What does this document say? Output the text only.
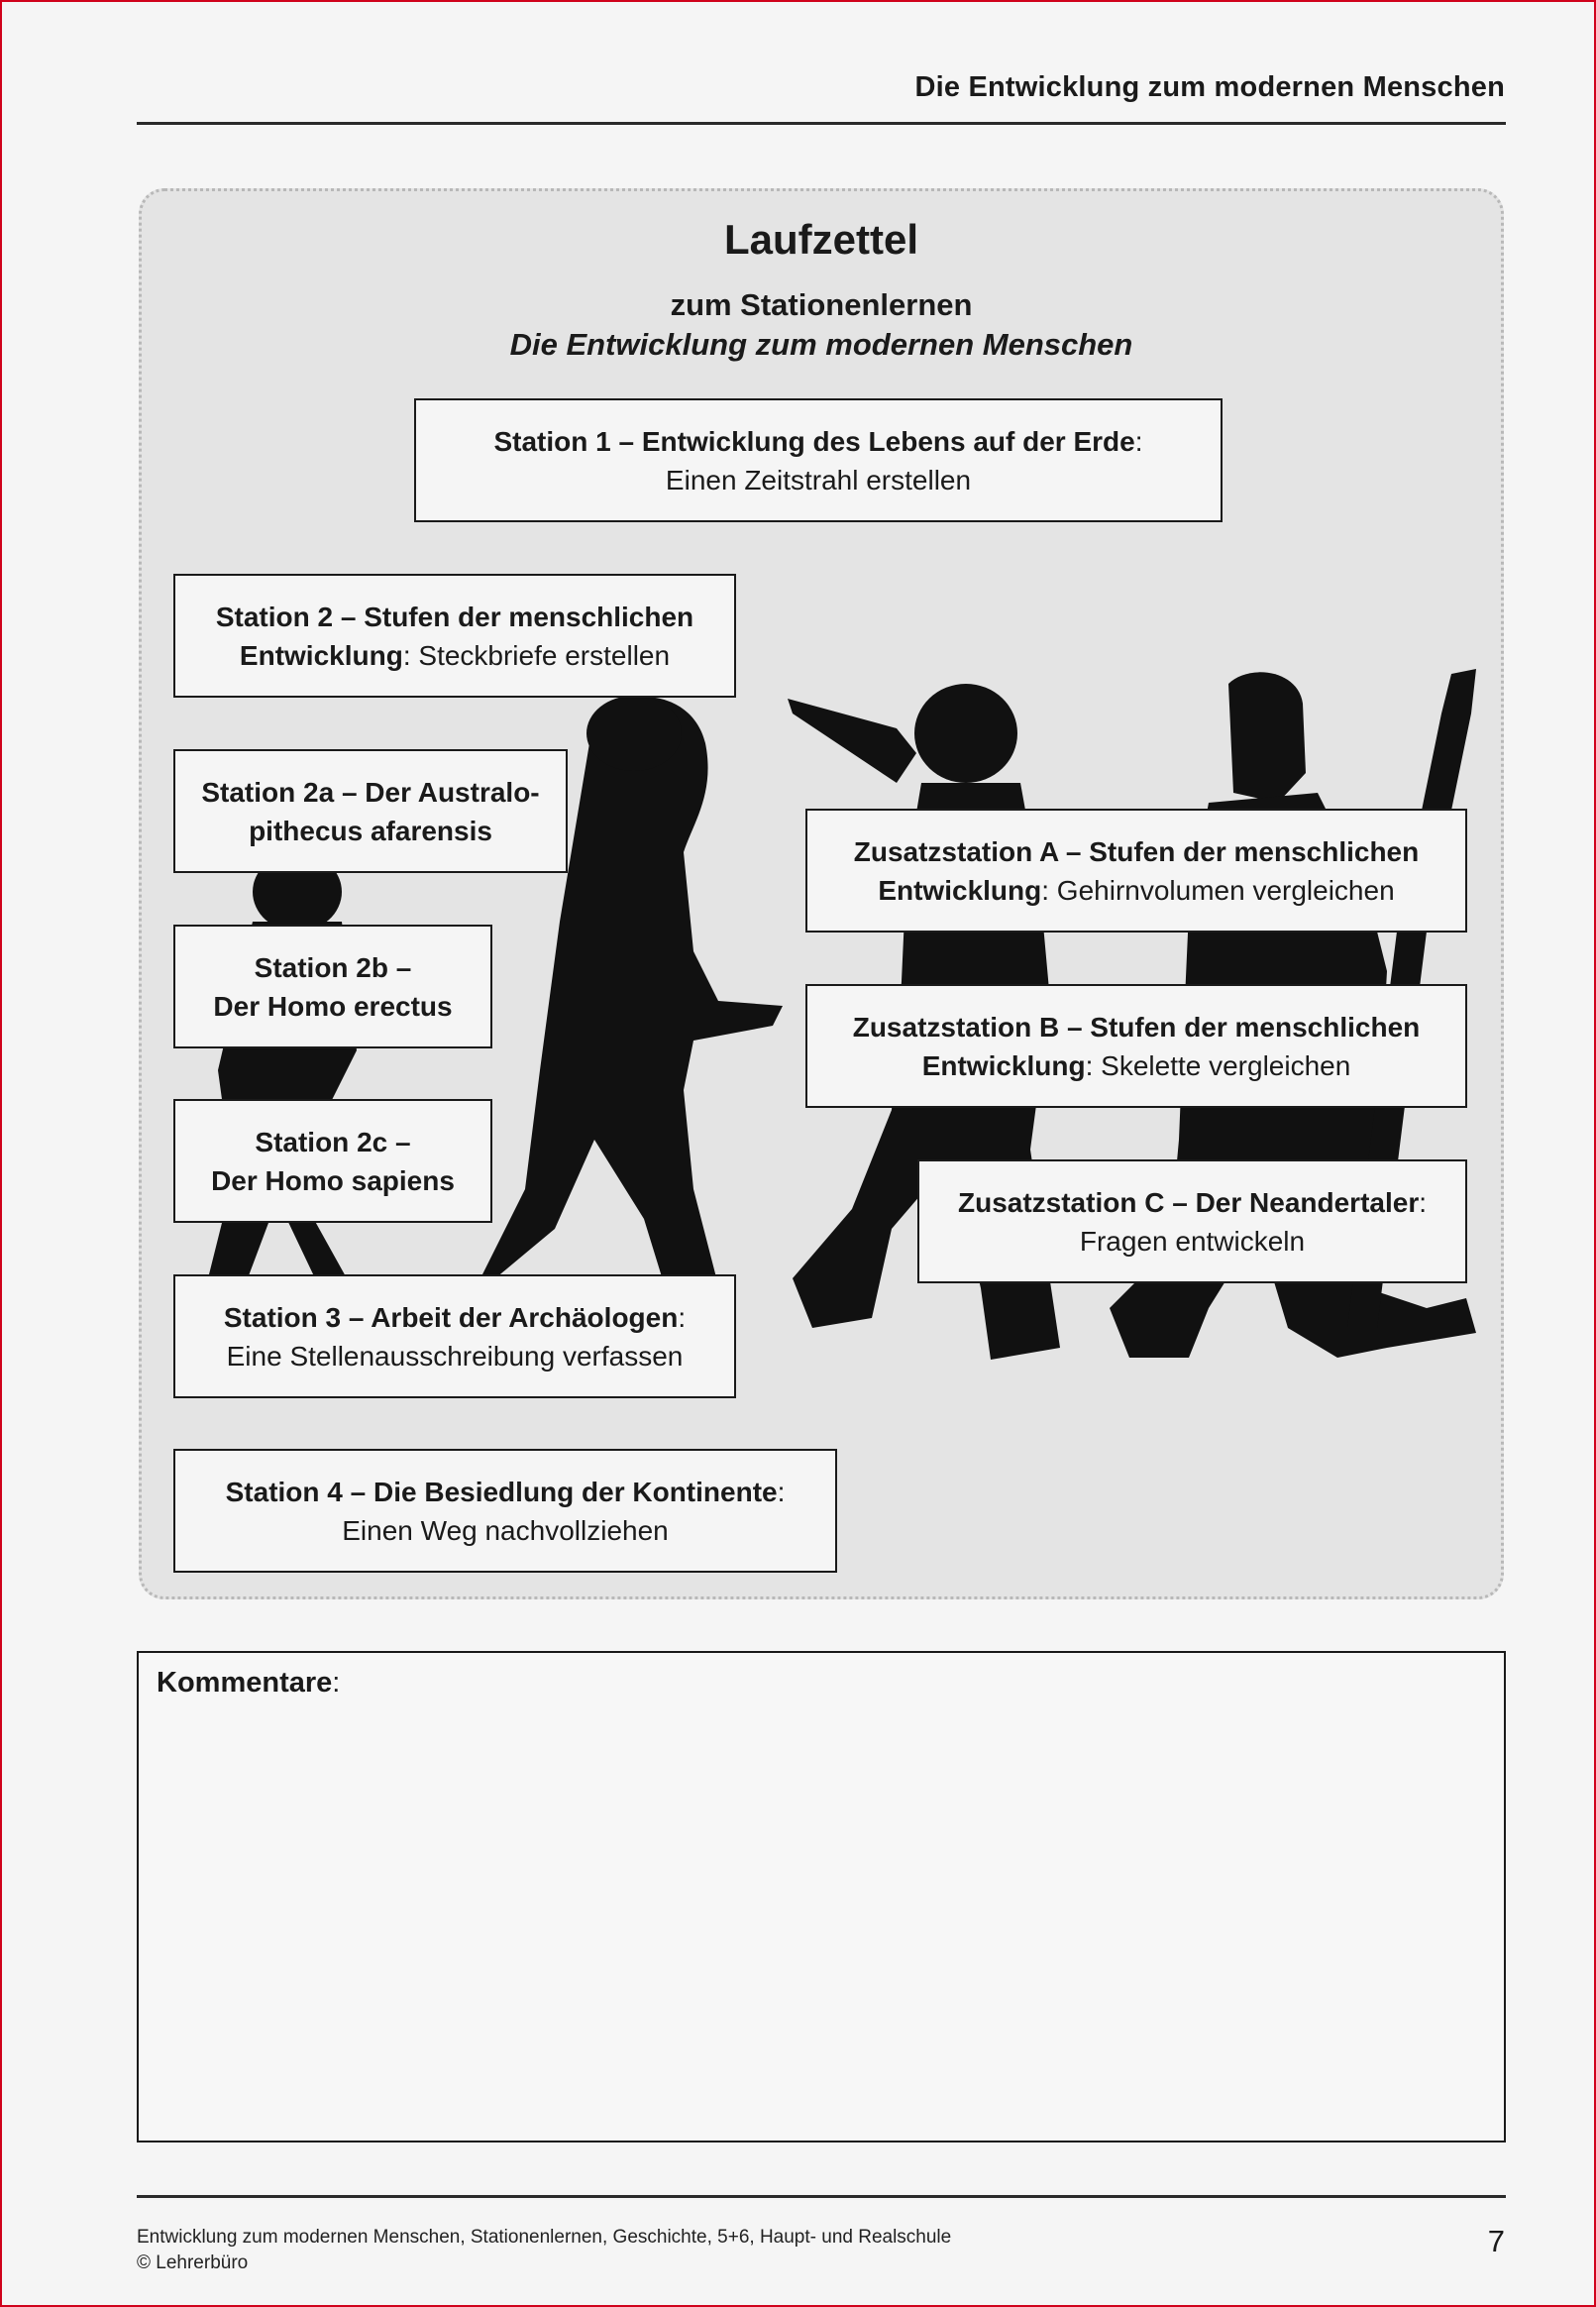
Die Entwicklung zum modernen Menschen
Laufzettel
zum Stationenlernen
Die Entwicklung zum modernen Menschen
Station 1 – Entwicklung des Lebens auf der Erde:
Einen Zeitstrahl erstellen
Station 2 – Stufen der menschlichen
Entwicklung: Steckbriefe erstellen
Station 2a – Der Australo-
pithecus afarensis
Station 2b –
Der Homo erectus
Station 2c –
Der Homo sapiens
Station 3 – Arbeit der Archäologen:
Eine Stellenausschreibung verfassen
Station 4 – Die Besiedlung der Kontinente:
Einen Weg nachvollziehen
Zusatzstation A – Stufen der menschlichen
Entwicklung: Gehirnvolumen vergleichen
Zusatzstation B – Stufen der menschlichen
Entwicklung: Skelette vergleichen
Zusatzstation C – Der Neandertaler:
Fragen entwickeln
Kommentare:
Entwicklung zum modernen Menschen, Stationenlernen, Geschichte, 5+6, Haupt- und Realschule
© Lehrerbüro
7
